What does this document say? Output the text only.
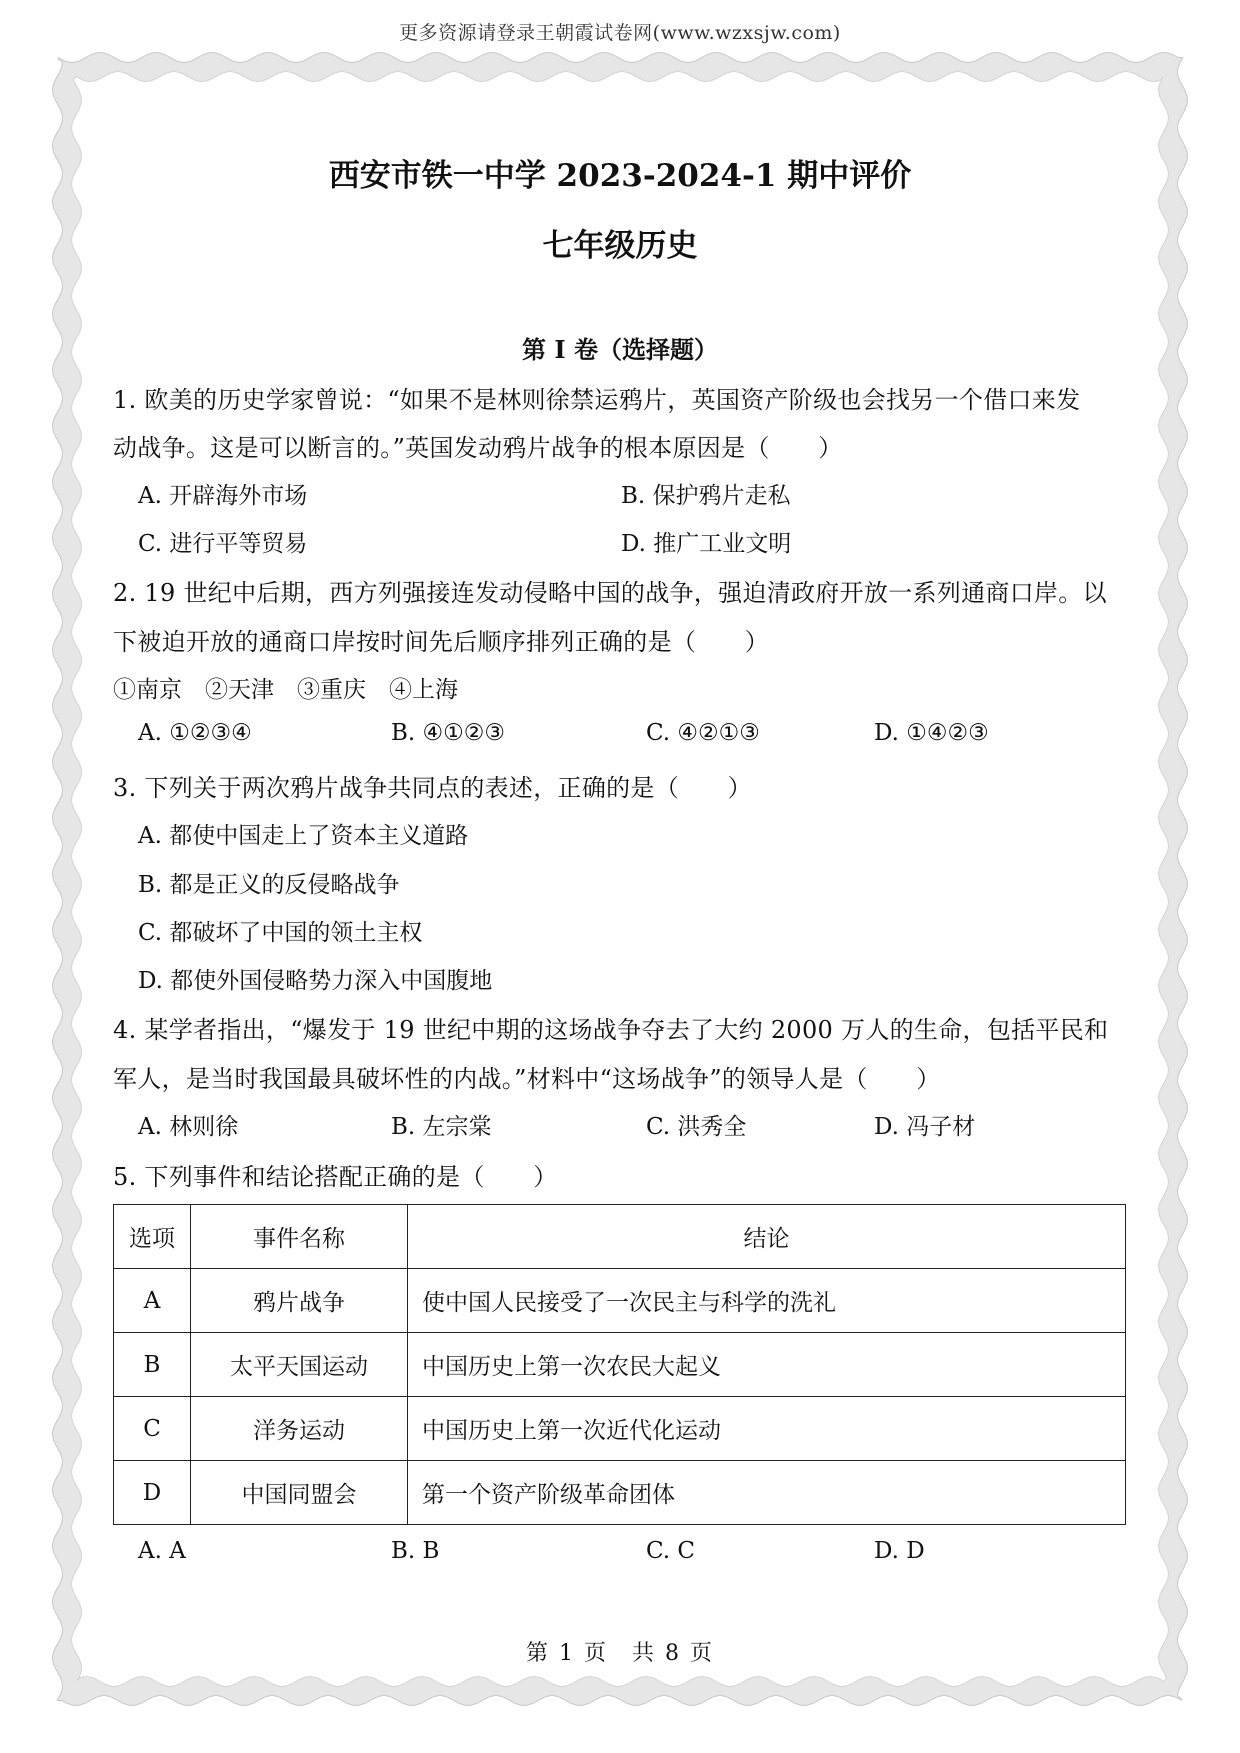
更多资源请登录王朝霞试卷网(www.wzxsjw.com)
西安市铁一中学 2023-2024-1 期中评价
七年级历史
第 I 卷（选择题）
1. 欧美的历史学家曾说：“如果不是林则徐禁运鸦片，英国资产阶级也会找另一个借口来发
动战争。这是可以断言的。”英国发动鸦片战争的根本原因是（　　）
A. 开辟海外市场	B. 保护鸦片走私
C. 进行平等贸易	D. 推广工业文明
2. 19 世纪中后期，西方列强接连发动侵略中国的战争，强迫清政府开放一系列通商口岸。以
下被迫开放的通商口岸按时间先后顺序排列正确的是（　　）
①南京　②天津　③重庆　④上海
A. ①②③④	B. ④①②③	C. ④②①③	D. ①④②③
3. 下列关于两次鸦片战争共同点的表述，正确的是（　　）
A. 都使中国走上了资本主义道路
B. 都是正义的反侵略战争
C. 都破坏了中国的领土主权
D. 都使外国侵略势力深入中国腹地
4. 某学者指出，“爆发于 19 世纪中期的这场战争夺去了大约 2000 万人的生命，包括平民和
军人，是当时我国最具破坏性的内战。”材料中“这场战争”的领导人是（　　）
A. 林则徐	B. 左宗棠	C. 洪秀全	D. 冯子材
5. 下列事件和结论搭配正确的是（　　）
选项	事件名称	结论
A	鸦片战争	使中国人民接受了一次民主与科学的洗礼
B	太平天国运动	中国历史上第一次农民大起义
C	洋务运动	中国历史上第一次近代化运动
D	中国同盟会	第一个资产阶级革命团体
A. A	B. B	C. C	D. D
第 1 页　共 8 页
